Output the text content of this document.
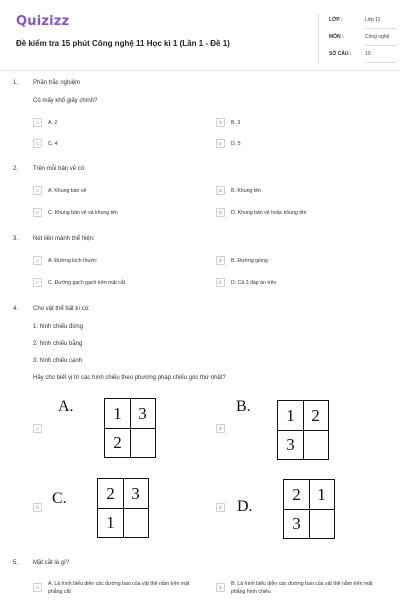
Quizizz
Đề kiểm tra 15 phút Công nghệ 11 Học kì 1 (Lần 1 - Đề 1)
LỚP :	Lớp 11
MÔN :	Công nghệ
SỐ CÂU :	10
1. Phần trắc nghiệm
Có mấy khổ giấy chính?
A	A. 2	B	B. 3
C	C. 4	D	D. 5
2. Trên mỗi bản vẽ có:
A	A. Khung bản vẽ	B	B. Khung tên
C	C. Khung bản vẽ và khung tên	D	D. Khung bản vẽ hoặc khung tên
3. Nét liền mảnh thể hiện:
A	A. Đường kích thước	B	B. Đường gióng
C	C. Đường gạch gạch trên mặt cắt	D	D. Cả 3 đáp án trên
4. Cho vật thể bất kì có:
1: hình chiếu đứng
2: hình chiếu bằng
3: hình chiếu cạnh
Hãy cho biết vị trí các hình chiếu theo phương pháp chiếu góc thứ nhất?
A
A.	1 3
2
B
B.	1 2
3
C
C.	2 3
1
D D.
2 1
3
5. Mặt cắt là gì?
A
A. Là hình biểu diễn các đường bao của vật thể nằm trên mặt phẳng cắt
B
B. Là hình biểu diễn các đường bao của vật thể nằm trên mặt phẳng hình chiếu
